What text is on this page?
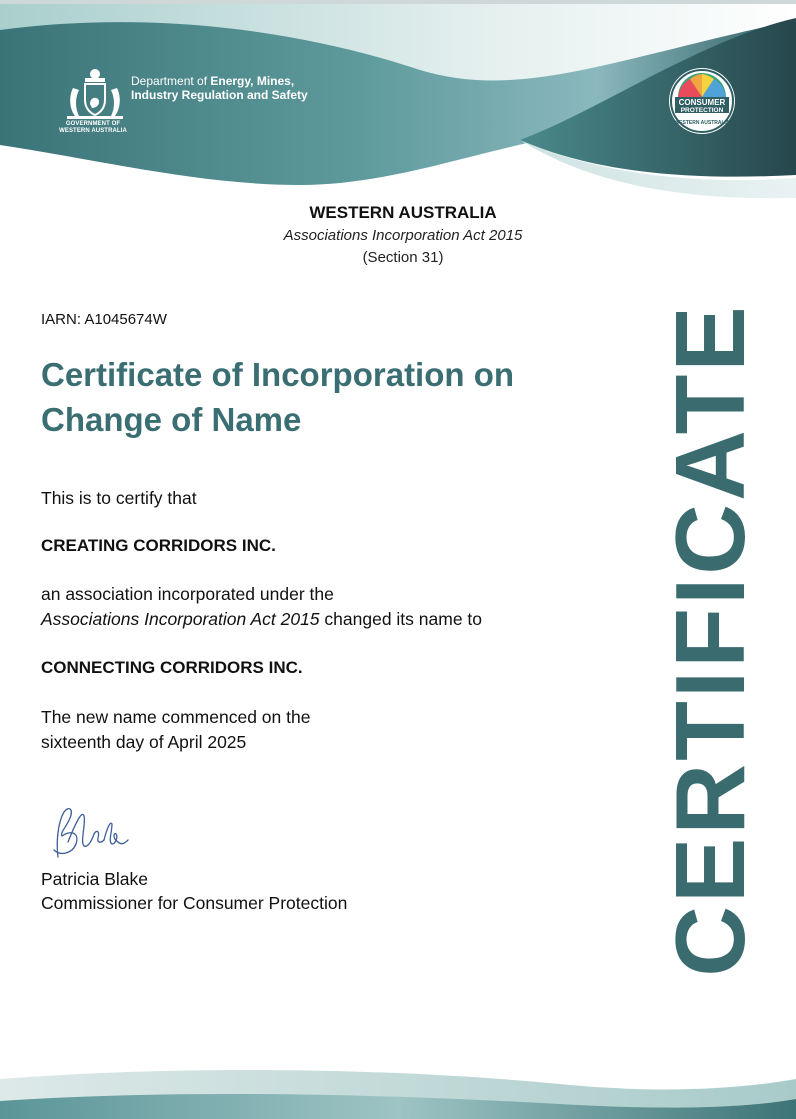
GOVERNMENT OF
WESTERN AUSTRALIA
Department of Energy, Mines,
Industry Regulation and Safety
CONSUMER
PROTECTION
WESTERN AUSTRALIA
WESTERN AUSTRALIA
Associations Incorporation Act 2015
(Section 31)
IARN: A1045674W
Certificate of Incorporation on
Change of Name
This is to certify that
CREATING CORRIDORS INC.
an association incorporated under the
Associations Incorporation Act 2015 changed its name to
CONNECTING CORRIDORS INC.
The new name commenced on the
sixteenth day of April 2025
Patricia Blake
Commissioner for Consumer Protection	CERTIFICATE
